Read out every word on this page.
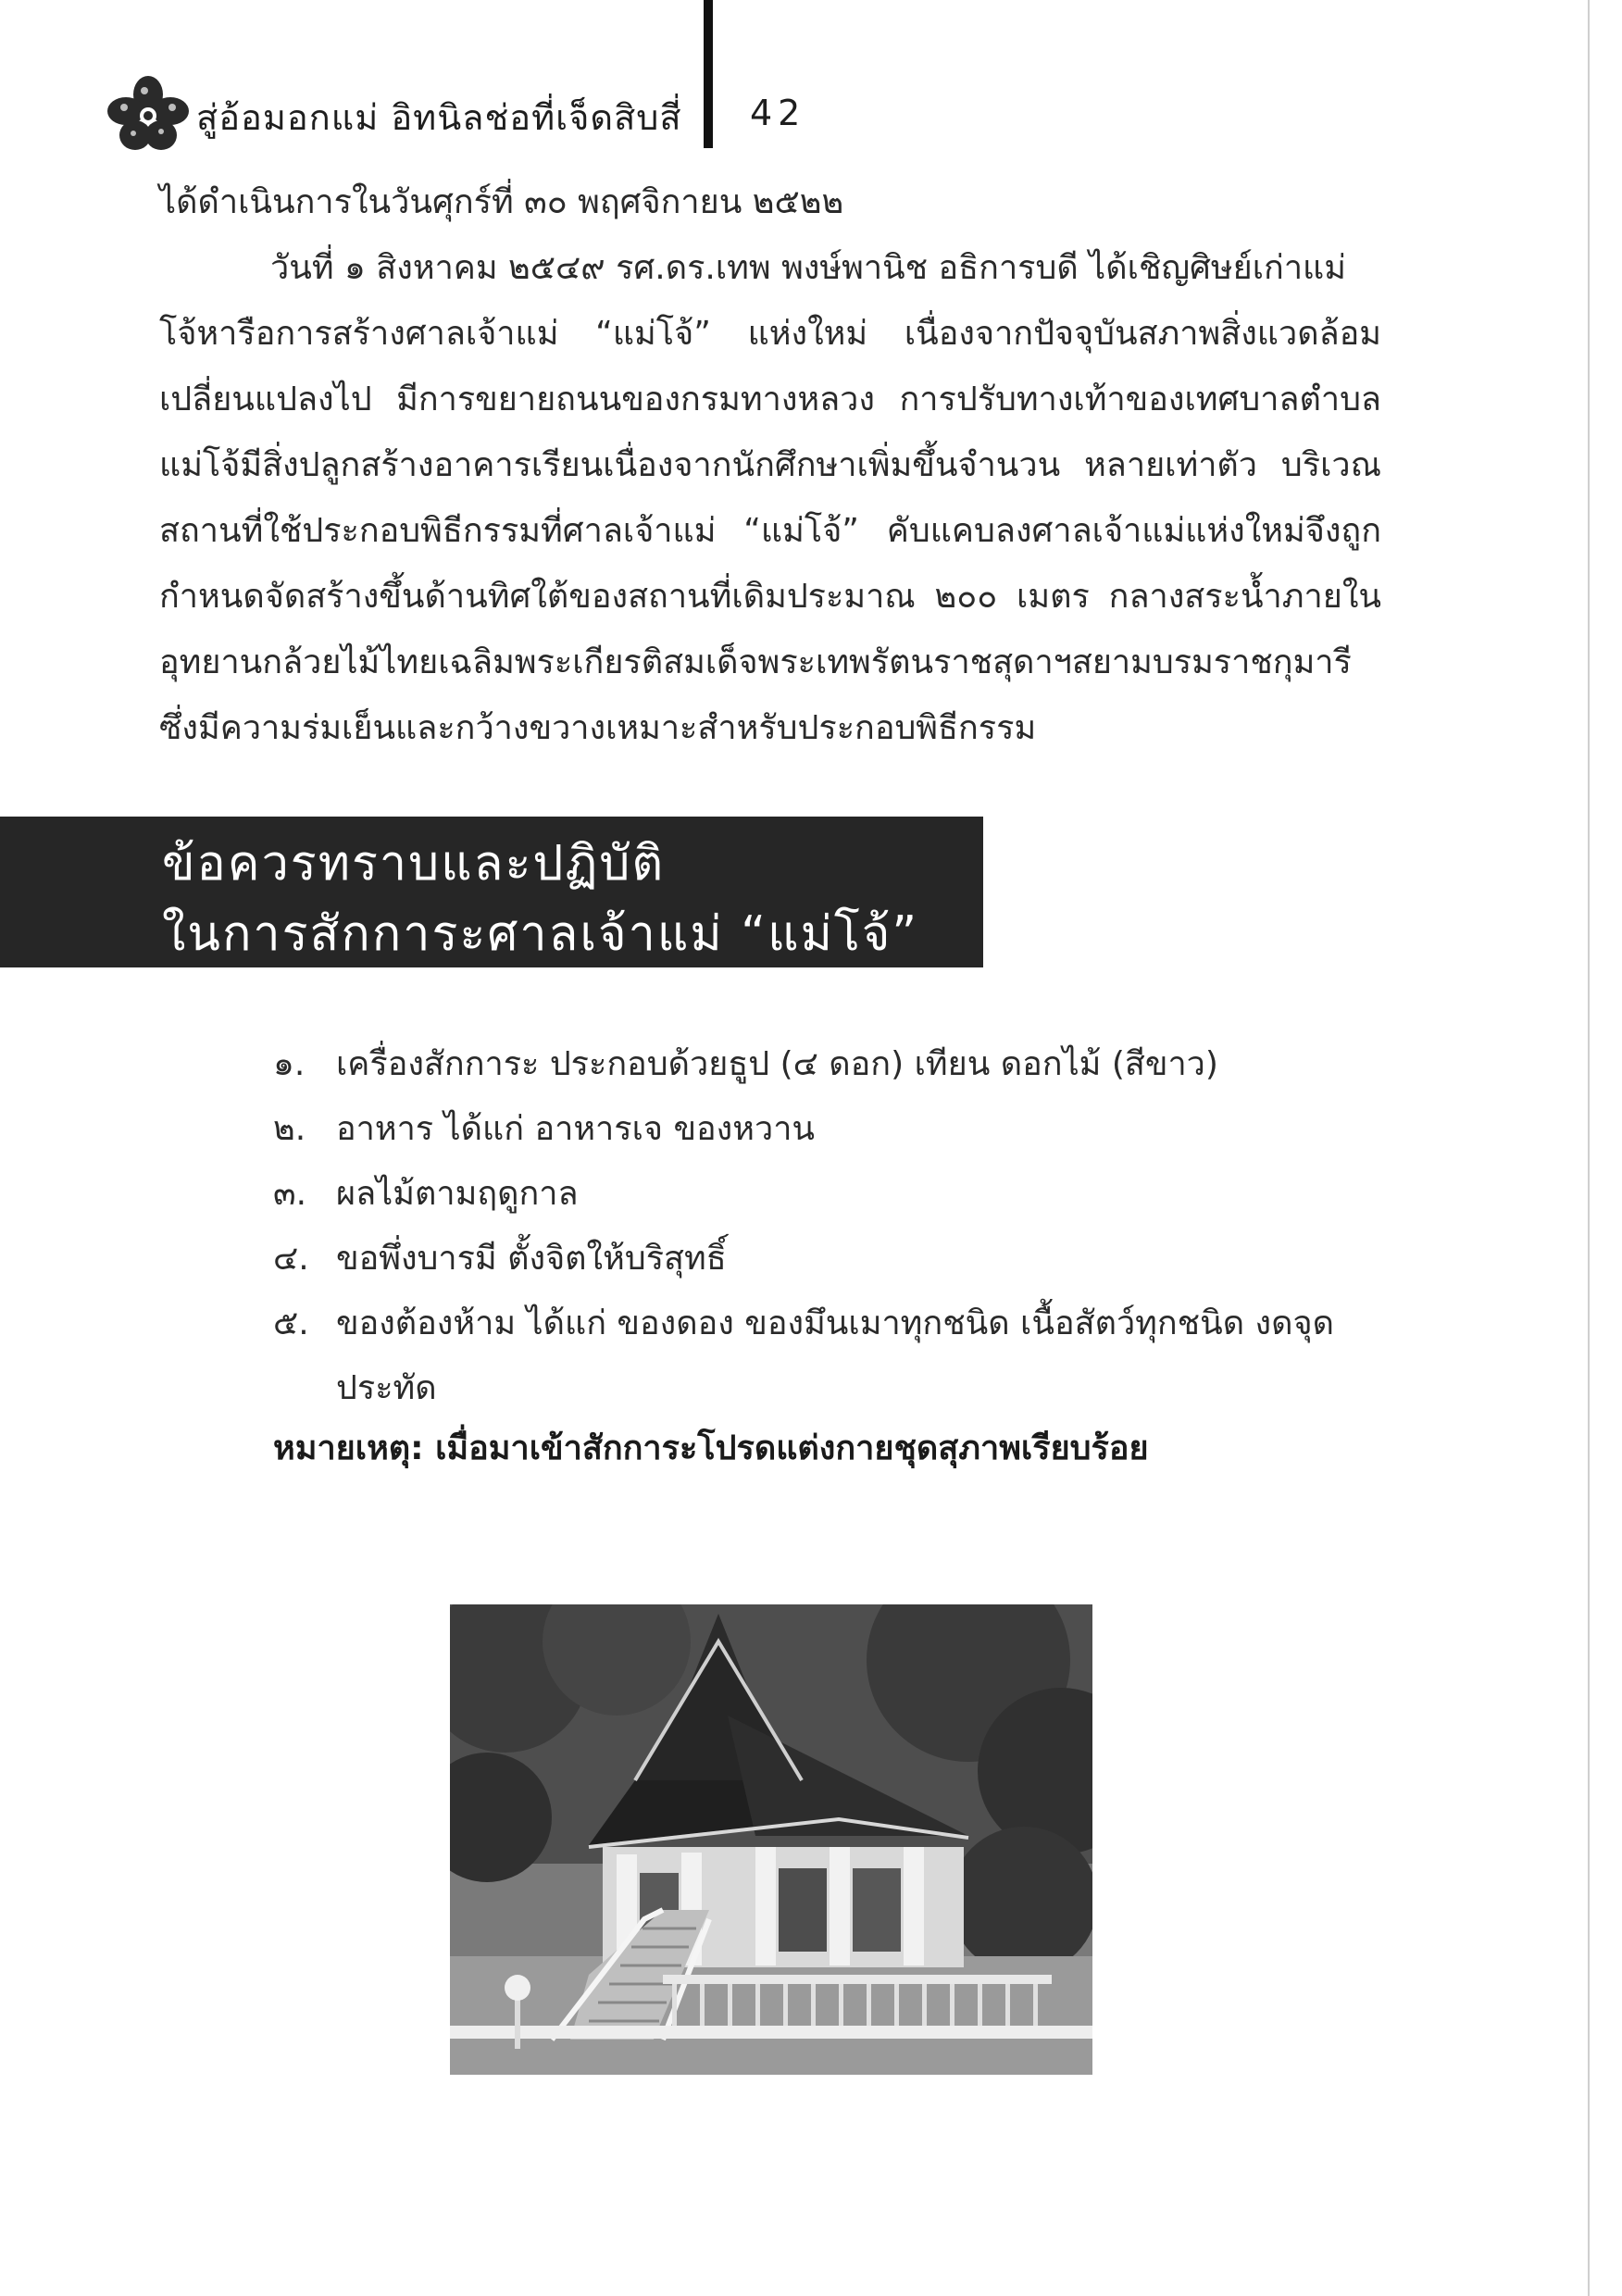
สู่อ้อมอกแม่ อิทนิลช่อที่เจ็ดสิบสี่ 42
ได้ดำเนินการในวันศุกร์ที่ ๓๐ พฤศจิกายน ๒๕๒๒
วันที่ ๑ สิงหาคม ๒๕๔๙ รศ.ดร.เทพ พงษ์พานิช อธิการบดี ได้เชิญศิษย์เก่าแม่
โจ้หารือการสร้างศาลเจ้าแม่ “แม่โจ้” แห่งใหม่ เนื่องจากปัจจุบันสภาพสิ่งแวดล้อม
เปลี่ยนแปลงไป มีการขยายถนนของกรมทางหลวง การปรับทางเท้าของเทศบาลตำบล
แม่โจ้มีสิ่งปลูกสร้างอาคารเรียนเนื่องจากนักศึกษาเพิ่มขึ้นจำนวน หลายเท่าตัว บริเวณ
สถานที่ใช้ประกอบพิธีกรรมที่ศาลเจ้าแม่ “แม่โจ้” คับแคบลงศาลเจ้าแม่แห่งใหม่จึงถูก
กำหนดจัดสร้างขึ้นด้านทิศใต้ของสถานที่เดิมประมาณ ๒๐๐ เมตร กลางสระน้ำภายใน
อุทยานกล้วยไม้ไทยเฉลิมพระเกียรติสมเด็จพระเทพรัตนราชสุดาฯสยามบรมราชกุมารี
ซึ่งมีความร่มเย็นและกว้างขวางเหมาะสำหรับประกอบพิธีกรรม
ข้อควรทราบและปฏิบัติ
ในการสักการะศาลเจ้าแม่ “แม่โจ้”
๑. เครื่องสักการะ ประกอบด้วยธูป (๔ ดอก) เทียน ดอกไม้ (สีขาว)
๒. อาหาร ได้แก่ อาหารเจ ของหวาน
๓. ผลไม้ตามฤดูกาล
๔. ขอพึ่งบารมี ตั้งจิตให้บริสุทธิ์
๕. ของต้องห้าม ได้แก่ ของดอง ของมึนเมาทุกชนิด เนื้อสัตว์ทุกชนิด งดจุด
ประทัด
หมายเหตุ: เมื่อมาเข้าสักการะโปรดแต่งกายชุดสุภาพเรียบร้อย
